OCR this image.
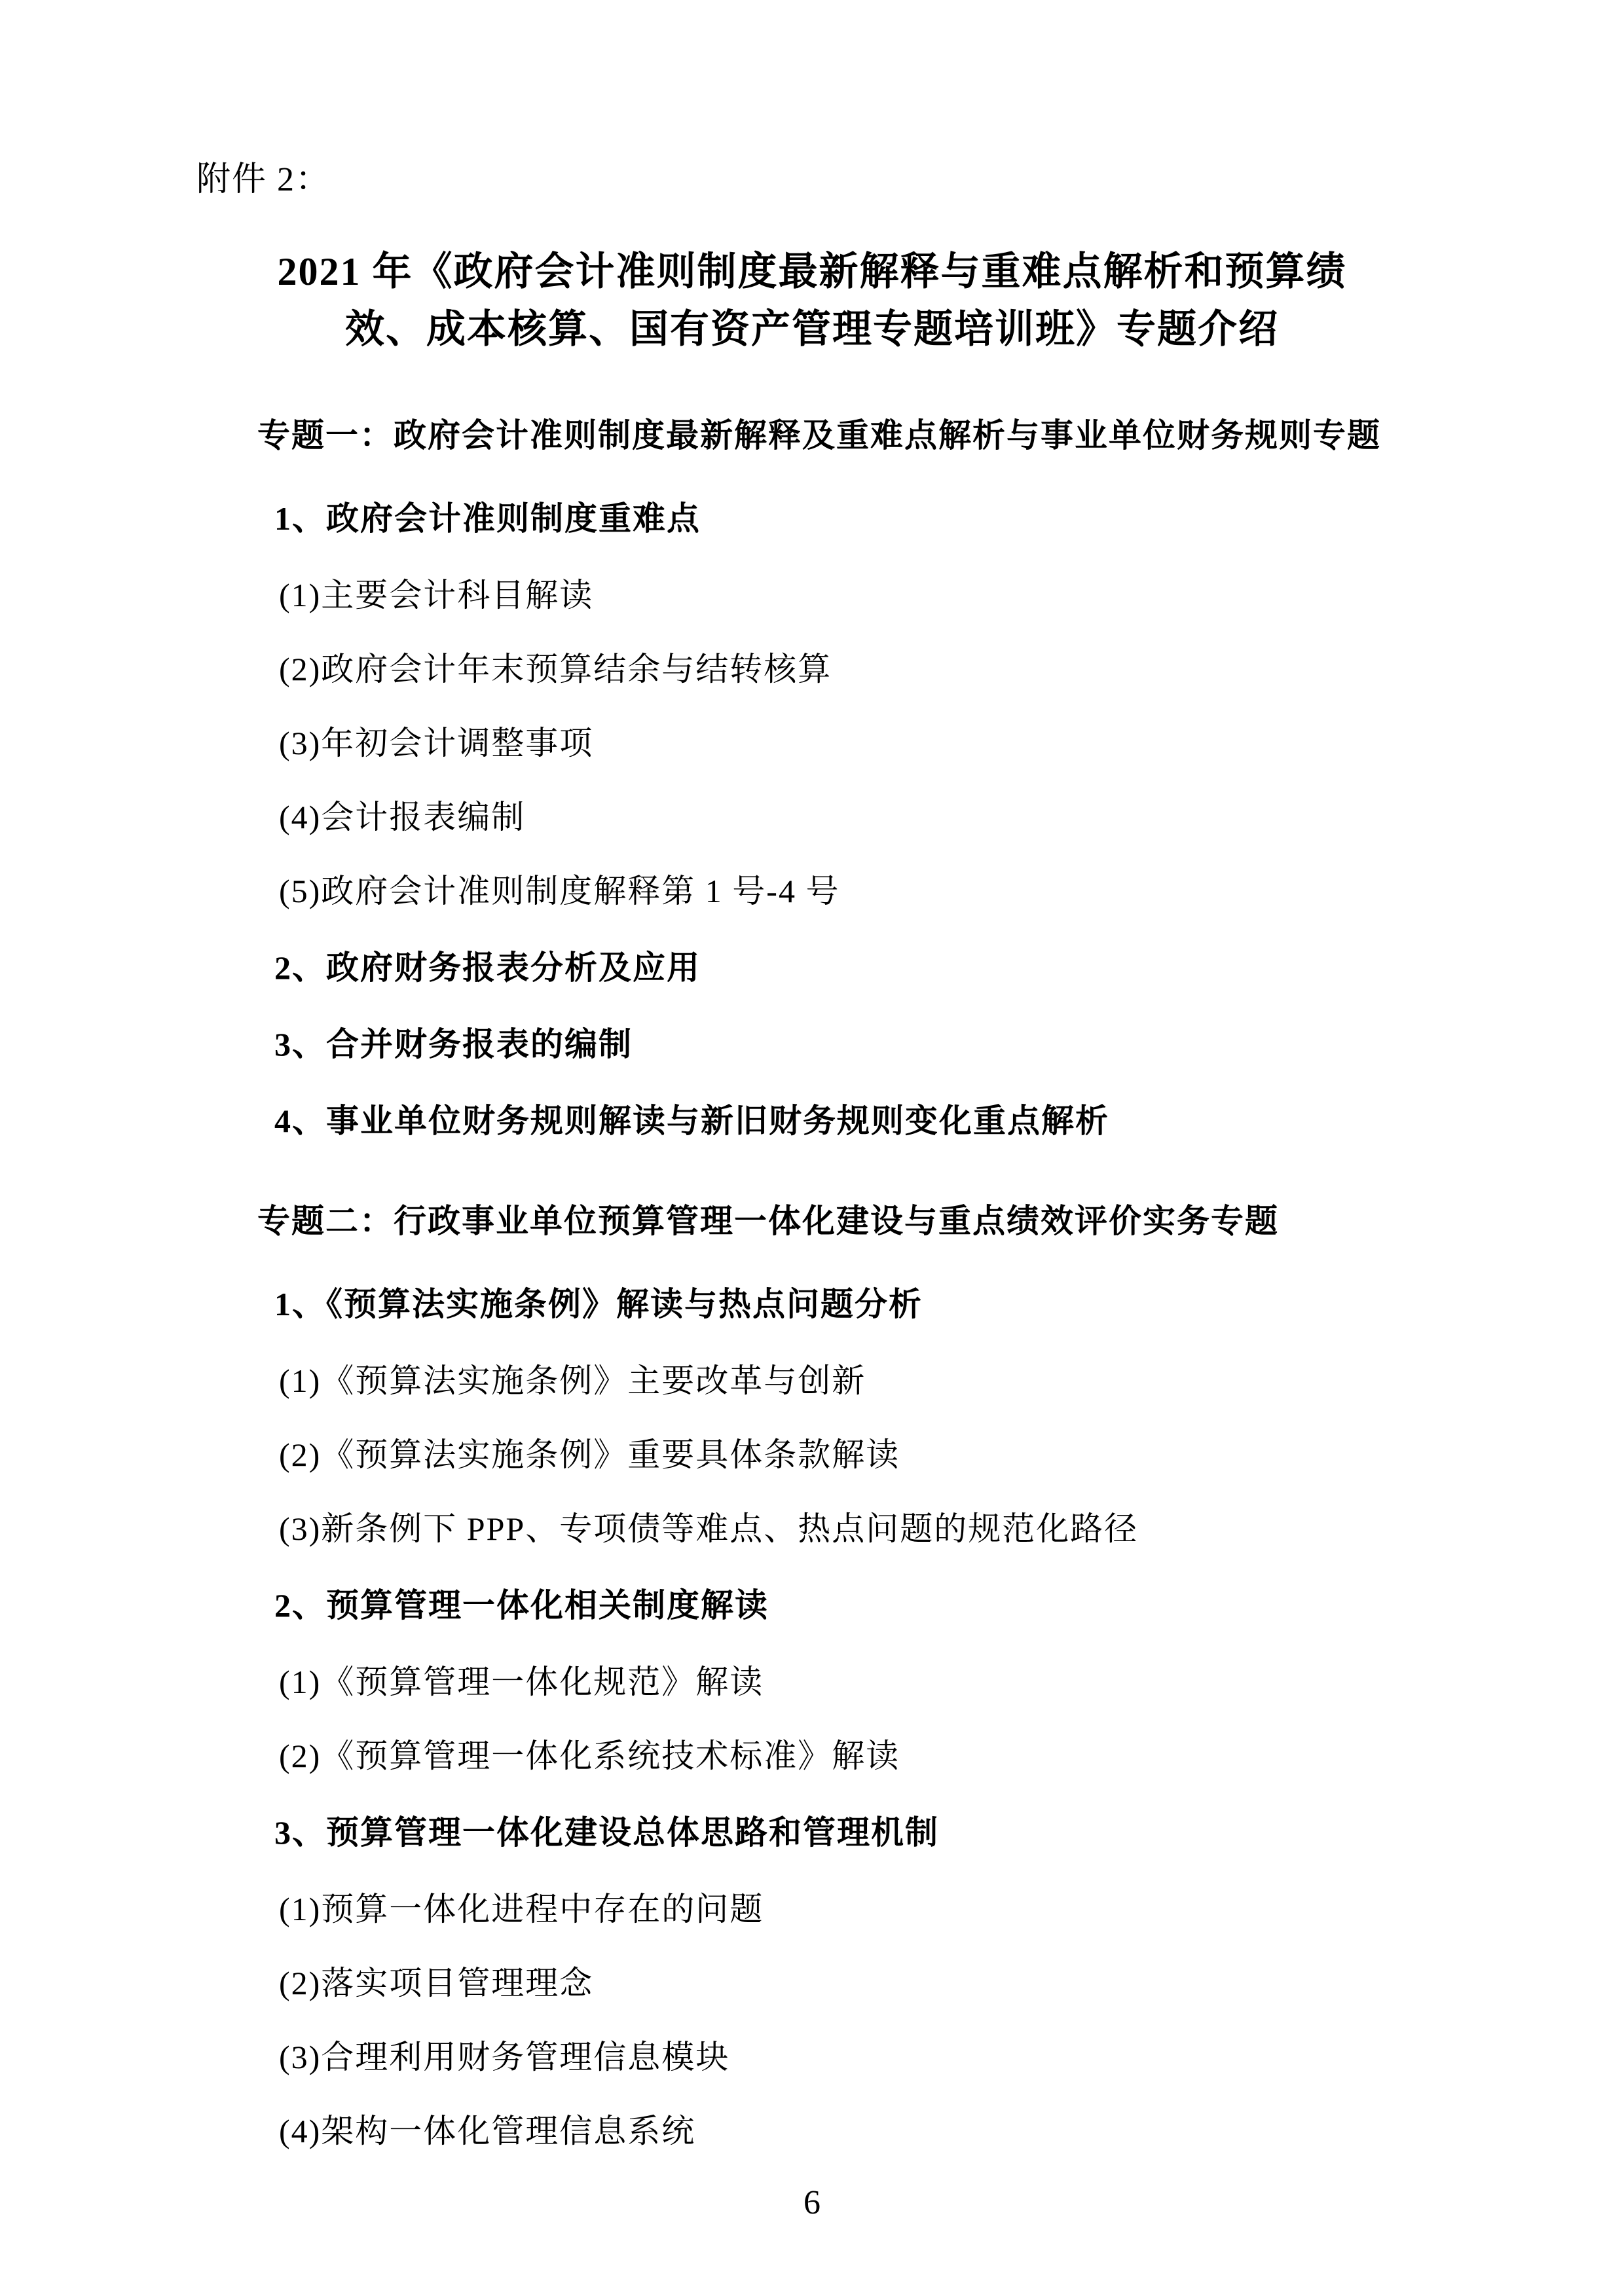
附件 2：
2021 年《政府会计准则制度最新解释与重难点解析和预算绩
效、成本核算、国有资产管理专题培训班》专题介绍
专题一：政府会计准则制度最新解释及重难点解析与事业单位财务规则专题
1、政府会计准则制度重难点
(1)主要会计科目解读
(2)政府会计年末预算结余与结转核算
(3)年初会计调整事项
(4)会计报表编制
(5)政府会计准则制度解释第 1 号-4 号
2、政府财务报表分析及应用
3、合并财务报表的编制
4、事业单位财务规则解读与新旧财务规则变化重点解析
专题二：行政事业单位预算管理一体化建设与重点绩效评价实务专题
1、《预算法实施条例》解读与热点问题分析
(1)《预算法实施条例》主要改革与创新
(2)《预算法实施条例》重要具体条款解读
(3)新条例下 PPP、专项债等难点、热点问题的规范化路径
2、预算管理一体化相关制度解读
(1)《预算管理一体化规范》解读
(2)《预算管理一体化系统技术标准》解读
3、预算管理一体化建设总体思路和管理机制
(1)预算一体化进程中存在的问题
(2)落实项目管理理念
(3)合理利用财务管理信息模块
(4)架构一体化管理信息系统
6
